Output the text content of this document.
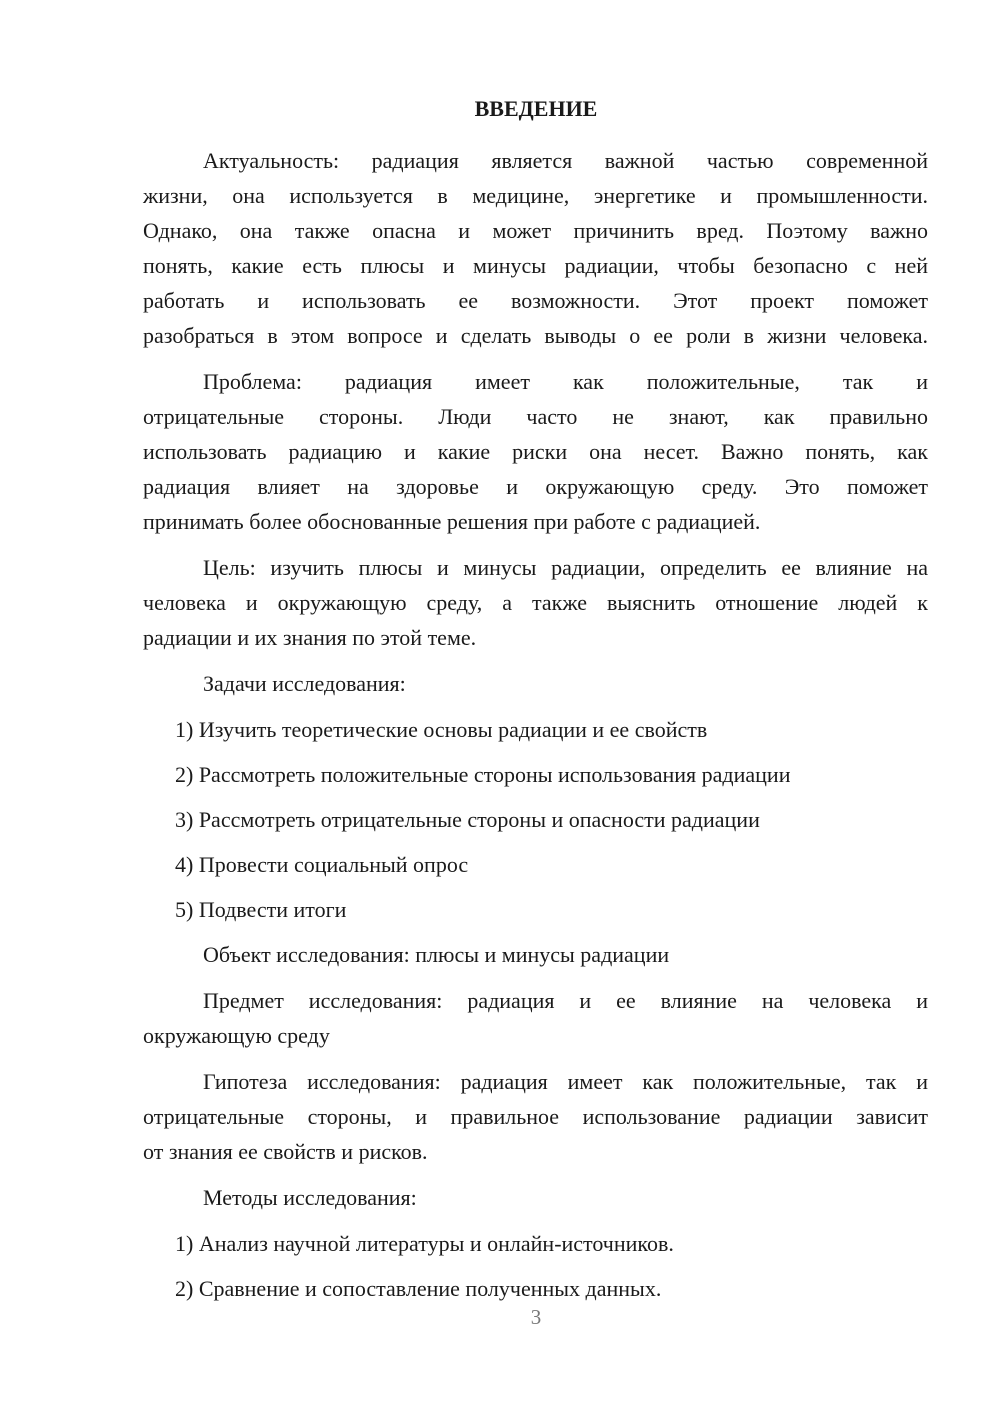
ВВЕДЕНИЕ
Актуальность: радиация является важной частью современной
жизни, она используется в медицине, энергетике и промышленности.
Однако, она также опасна и может причинить вред. Поэтому важно
понять, какие есть плюсы и минусы радиации, чтобы безопасно с ней
работать и использовать ее возможности. Этот проект поможет
разобраться в этом вопросе и сделать выводы о ее роли в жизни человека.
Проблема: радиация имеет как положительные, так и
отрицательные стороны. Люди часто не знают, как правильно
использовать радиацию и какие риски она несет. Важно понять, как
радиация влияет на здоровье и окружающую среду. Это поможет
принимать более обоснованные решения при работе с радиацией.
Цель: изучить плюсы и минусы радиации, определить ее влияние на
человека и окружающую среду, а также выяснить отношение людей к
радиации и их знания по этой теме.
Задачи исследования:
1) Изучить теоретические основы радиации и ее свойств
2) Рассмотреть положительные стороны использования радиации
3) Рассмотреть отрицательные стороны и опасности радиации
4) Провести социальный опрос
5) Подвести итоги
Объект исследования: плюсы и минусы радиации
Предмет исследования: радиация и ее влияние на человека и
окружающую среду
Гипотеза исследования: радиация имеет как положительные, так и
отрицательные стороны, и правильное использование радиации зависит
от знания ее свойств и рисков.
Методы исследования:
1) Анализ научной литературы и онлайн-источников.
2) Сравнение и сопоставление полученных данных.
3
